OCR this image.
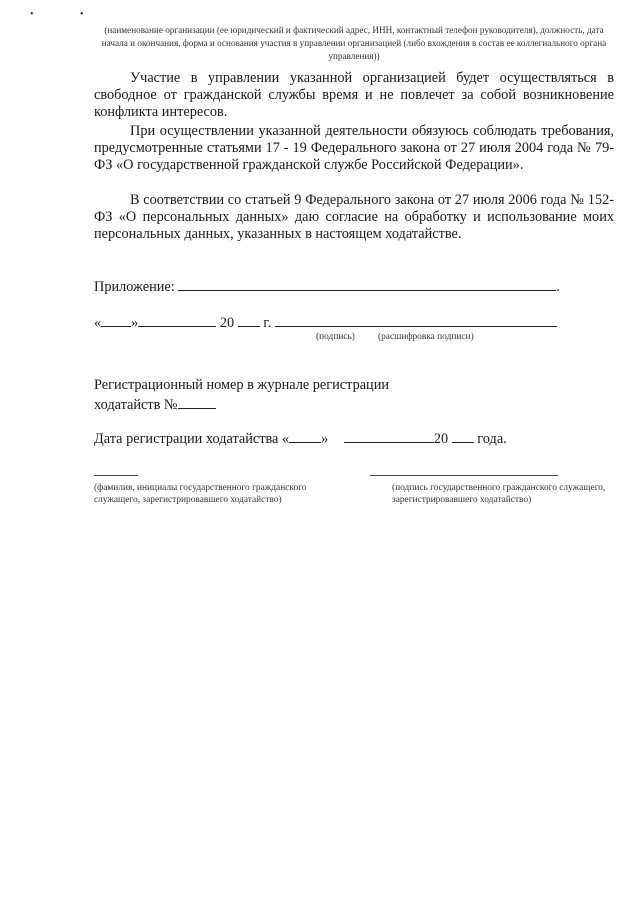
• •
(наименование организации (ее юридический и фактический адрес, ИНН, контактный телефон руководителя), должность, дата начала и окончания, форма и основания участия в управлении организацией (либо вхождения в состав ее коллегиального органа управления))

Участие в управлении указанной организацией будет осуществляться в свободное от гражданской службы время и не повлечет за собой возникновение конфликта интересов.

При осуществлении указанной деятельности обязуюсь соблюдать требования, предусмотренные статьями 17 - 19 Федерального закона от 27 июля 2004 года № 79-ФЗ «О государственной гражданской службе Российской Федерации».

В соответствии со статьей 9 Федерального закона от 27 июля 2006 года № 152-ФЗ «О персональных данных» даю согласие на обработку и использование моих персональных данных, указанных в настоящем ходатайстве.

Приложение:	.
« »	20 г.
(подпись) (расшифровка подписи)
Регистрационный номер в журнале регистрации
ходатайств №
Дата регистрации ходатайства « »	20 года.
(фамилия, инициалы государственного гражданского служащего, зарегистрировавшего ходатайство)
(подпись государственного гражданского служащего, зарегистрировавшего ходатайство)
